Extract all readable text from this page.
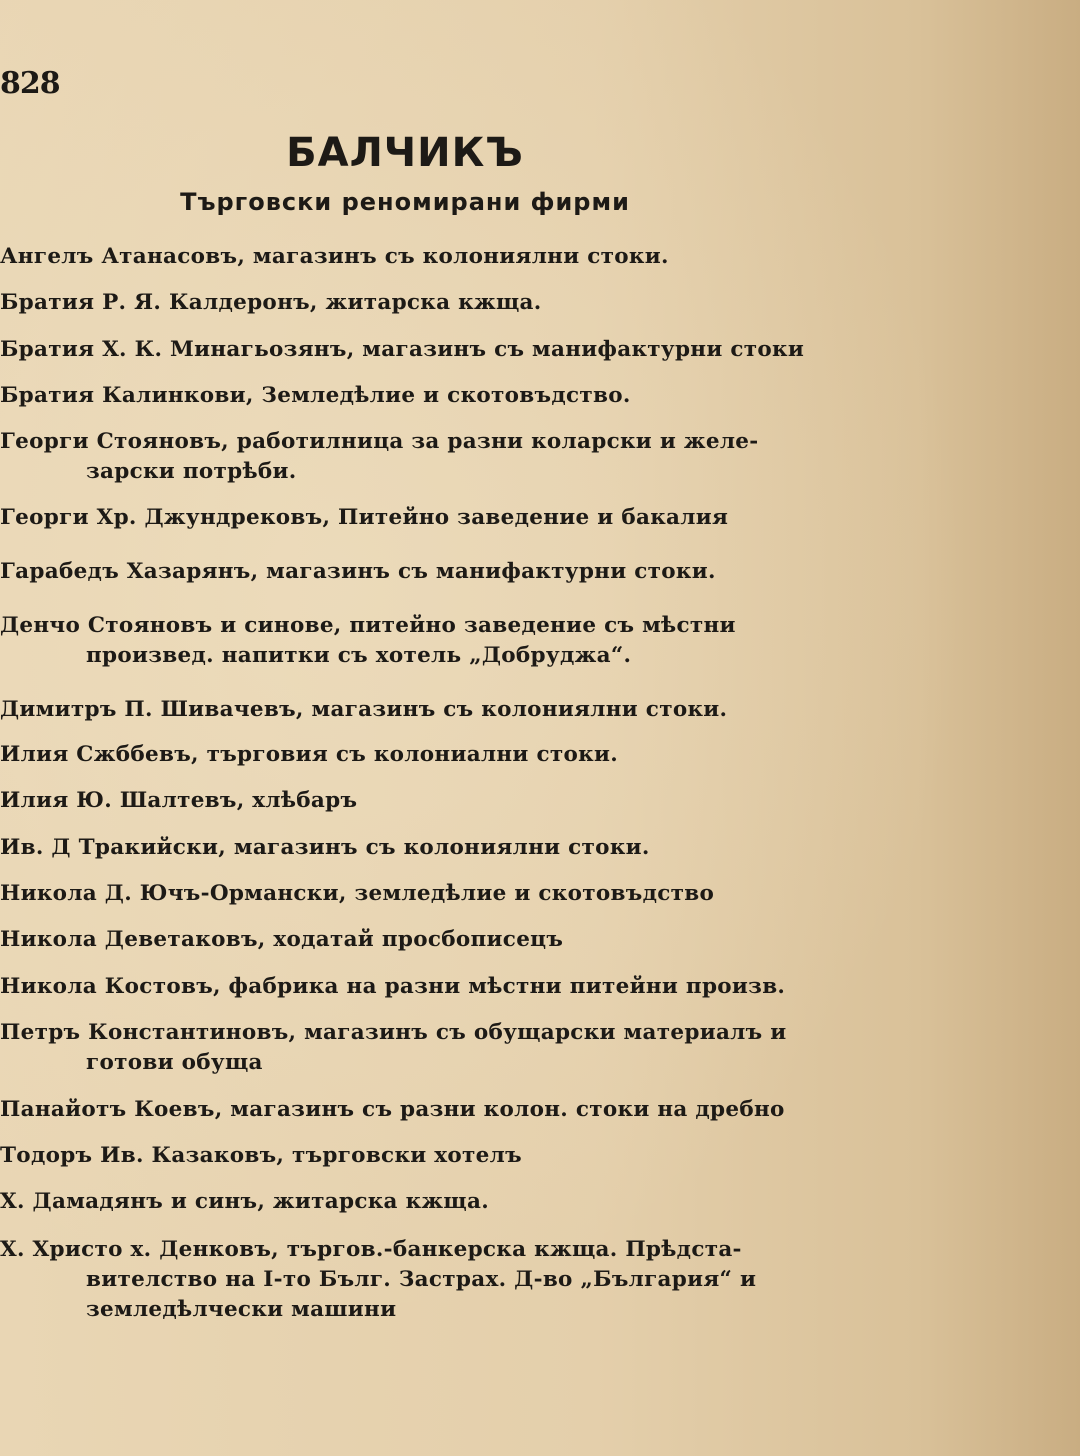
828
БАЛЧИКЪ
Търговски реномирани фирми
Ангелъ Атанасовъ, магазинъ съ колониялни стоки.
Братия Р. Я. Калдеронъ, житарска кжща.
Братия Х. К. Минагьозянъ, магазинъ съ манифактурни стоки
Братия Калинкови, Земледѣлие и скотовъдство.
Георги Стояновъ, работилница за разни коларски и желе-
зарски потрѣби.
Георги Хр. Джундрековъ, Питейно заведение и бакалия
Гарабедъ Хазарянъ, магазинъ съ манифактурни стоки.
Денчо Стояновъ и синове, питейно заведение съ мѣстни
произвед. напитки съ хотель „Добруджа“.
Димитръ П. Шивачевъ, магазинъ съ колониялни стоки.
Илия Сжббевъ, търговия съ колониални стоки.
Илия Ю. Шалтевъ, хлѣбаръ
Ив. Д Тракийски, магазинъ съ колониялни стоки.
Никола Д. Ючъ-Ормански, земледѣлие и скотовъдство
Никола Деветаковъ, ходатай просбописецъ
Никола Костовъ, фабрика на разни мѣстни питейни произв.
Петръ Константиновъ, магазинъ съ обущарски материалъ и
готови обуща
Панайотъ Коевъ, магазинъ съ разни колон. стоки на дребно
Тодоръ Ив. Казаковъ, търговски хотелъ
Х. Дамадянъ и синъ, житарска кжща.
Х. Христо х. Денковъ, търгов.-банкерска кжща. Прѣдста-
вителство на I-то Бълг. Застрах. Д-во „България“ и
земледѣлчески машини
